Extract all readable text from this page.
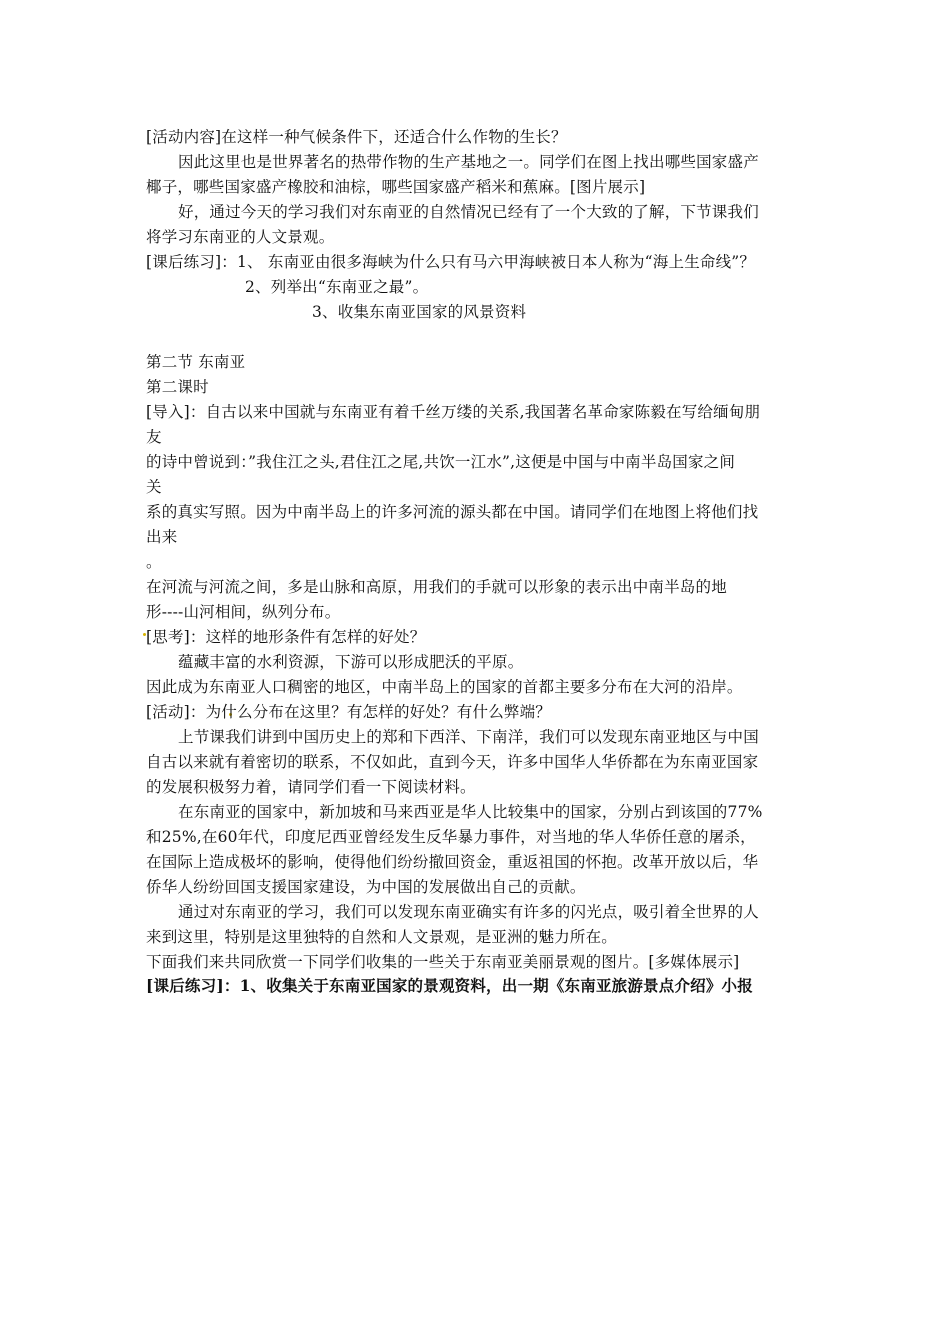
[活动内容]在这样一种气候条件下，还适合什么作物的生长？
因此这里也是世界著名的热带作物的生产基地之一。同学们在图上找出哪些国家盛产
椰子，哪些国家盛产橡胶和油棕，哪些国家盛产稻米和蕉麻。[图片展示]
好，通过今天的学习我们对东南亚的自然情况已经有了一个大致的了解，下节课我们
将学习东南亚的人文景观。
[课后练习]：1、 东南亚由很多海峡为什么只有马六甲海峡被日本人称为“海上生命线”？
2、列举出“东南亚之最”。
3、收集东南亚国家的风景资料
第二节 东南亚
第二课时
[导入]：自古以来中国就与东南亚有着千丝万缕的关系,我国著名革命家陈毅在写给缅甸朋
友
的诗中曾说到：”我住江之头,君住江之尾,共饮一江水”,这便是中国与中南半岛国家之间
关
系的真实写照。因为中南半岛上的许多河流的源头都在中国。请同学们在地图上将他们找
出来
。
在河流与河流之间，多是山脉和高原，用我们的手就可以形象的表示出中南半岛的地
形----山河相间，纵列分布。
[思考]：这样的地形条件有怎样的好处？
蕴藏丰富的水利资源，下游可以形成肥沃的平原。
因此成为东南亚人口稠密的地区，中南半岛上的国家的首都主要多分布在大河的沿岸。
[活动]：为什么分布在这里？有怎样的好处？有什么弊端？
上节课我们讲到中国历史上的郑和下西洋、下南洋，我们可以发现东南亚地区与中国
自古以来就有着密切的联系，不仅如此，直到今天，许多中国华人华侨都在为东南亚国家
的发展积极努力着，请同学们看一下阅读材料。
在东南亚的国家中，新加坡和马来西亚是华人比较集中的国家，分别占到该国的77%
和25%,在60年代，印度尼西亚曾经发生反华暴力事件，对当地的华人华侨任意的屠杀，
在国际上造成极坏的影响，使得他们纷纷撤回资金，重返祖国的怀抱。改革开放以后，华
侨华人纷纷回国支援国家建设，为中国的发展做出自己的贡献。
通过对东南亚的学习，我们可以发现东南亚确实有许多的闪光点，吸引着全世界的人
来到这里，特别是这里独特的自然和人文景观，是亚洲的魅力所在。
下面我们来共同欣赏一下同学们收集的一些关于东南亚美丽景观的图片。[多媒体展示]
[课后练习]：1、收集关于东南亚国家的景观资料，出一期《东南亚旅游景点介绍》小报
